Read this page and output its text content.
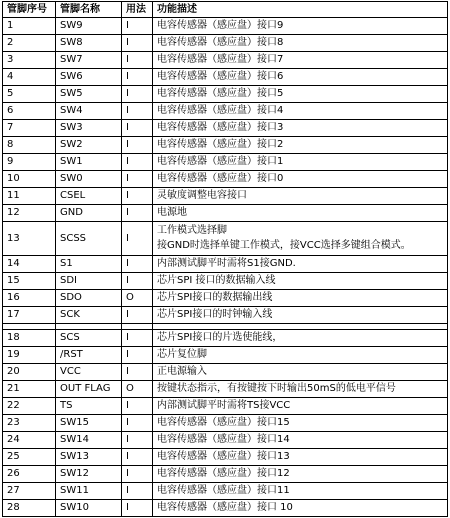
管脚序号	管脚名称	用法	功能描述
1	SW9	I	电容传感器（感应盘）接口9

2	SW8	I	电容传感器（感应盘）接口8

3	SW7	I	电容传感器（感应盘）接口7

4	SW6	I	电容传感器（感应盘）接口6

5	SW5	I	电容传感器（感应盘）接口5

6	SW4	I	电容传感器（感应盘）接口4

7	SW3	I	电容传感器（感应盘）接口3

8	SW2	I	电容传感器（感应盘）接口2

9	SW1	I	电容传感器（感应盘）接口1

10	SW0	I	电容传感器（感应盘）接口0

11	CSEL	I	灵敏度调整电容接口

12	GND	I	电源地

13	SCSS	I	工作模式选择脚
接GND时选择单键工作模式，接VCC选择多键组合模式。

14	S1	I	内部测试脚平时需将S1接GND.

15	SDI	I	芯片SPI 接口的数据输入线

16	SDO	O	芯片SPI接口的数据输出线

17	SCK	I	芯片SPI接口的时钟输入线

18	SCS	I	芯片SPI接口的片选使能线，

19	/RST	I	芯片复位脚

20	VCC	I	正电源输入

21	OUT FLAG	O	按键状态指示，有按键按下时输出50mS的低电平信号

22	TS	I	内部测试脚平时需将TS接VCC

23	SW15	I	电容传感器（感应盘）接口15

24	SW14	I	电容传感器（感应盘）接口14

25	SW13	I	电容传感器（感应盘）接口13

26	SW12	I	电容传感器（感应盘）接口12

27	SW11	I	电容传感器（感应盘）接口11

28	SW10	I	电容传感器（感应盘）接口 10
